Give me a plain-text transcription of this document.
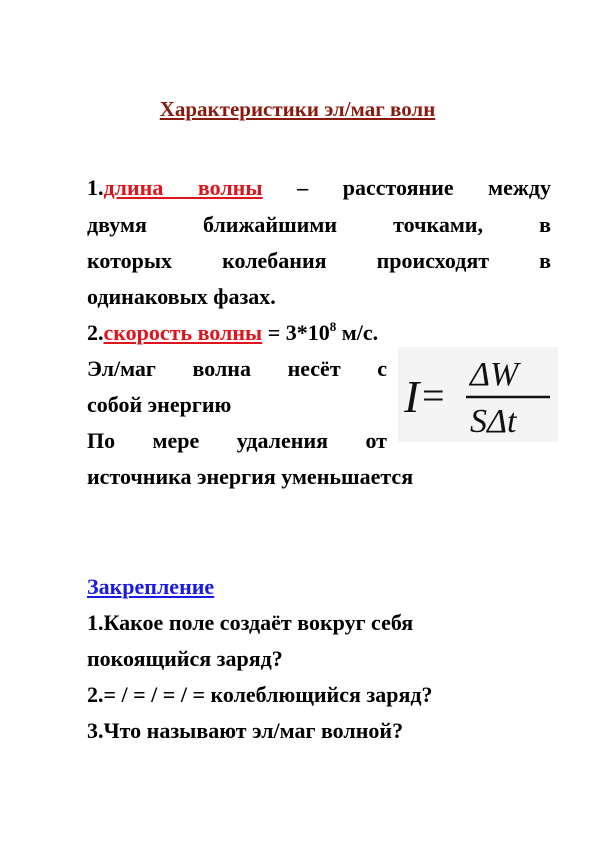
Характеристики эл/маг волн
1.длина волны – расстояние между
двумя ближайшими точками, в
которых колебания происходят в
одинаковых фазах.
2.скорость волны = $3*10^8$ м/с.
Эл/маг волна несёт с
собой энергию
По мере удаления от
источника энергия уменьшается
I = ΔW
SΔt
Закрепление
1.Какое поле создаёт вокруг себя
покоящийся заряд?
2.= / = / = / = колеблющийся заряд?
3.Что называют эл/маг волной?
